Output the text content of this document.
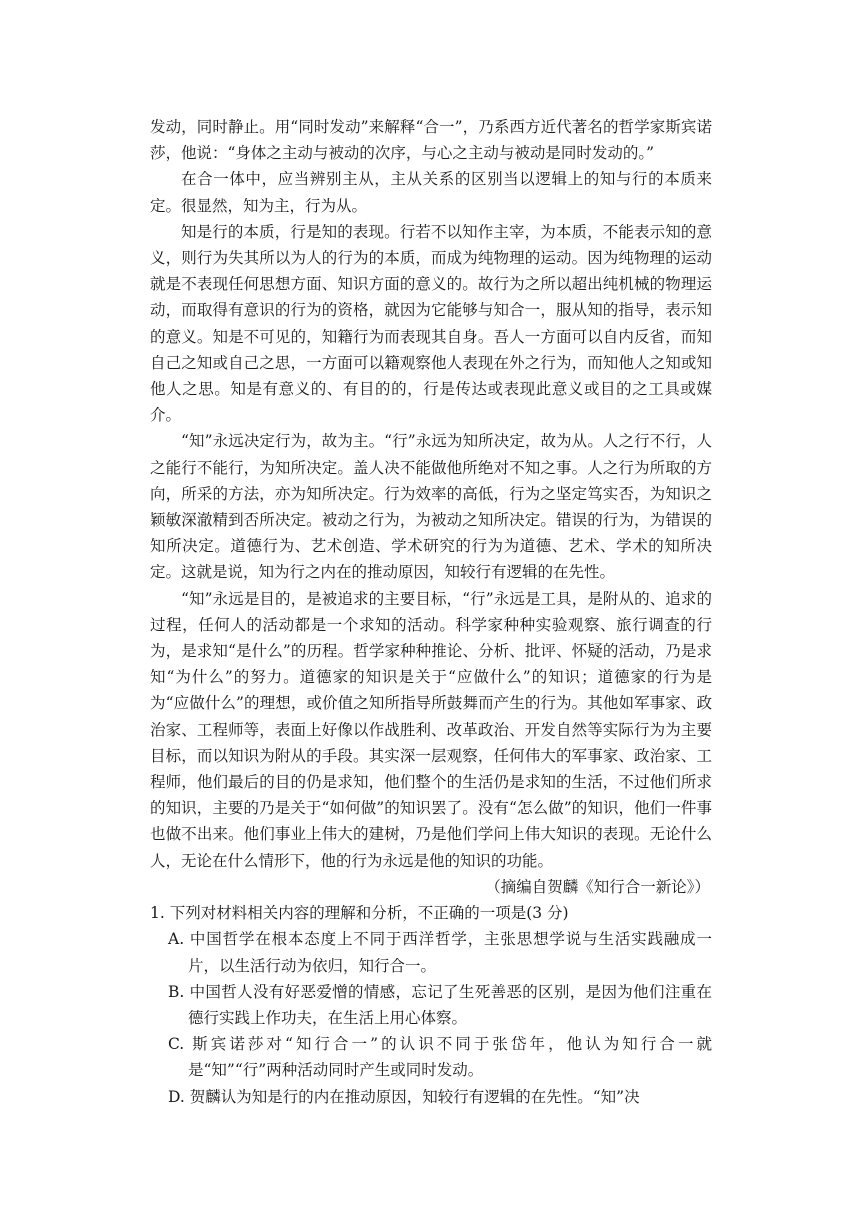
发动，同时静止。用“同时发动”来解释“合一”，乃系西方近代著名的哲学家斯宾诺莎，他说：“身体之主动与被动的次序，与心之主动与被动是同时发动的。”

在合一体中，应当辨别主从，主从关系的区别当以逻辑上的知与行的本质来定。很显然，知为主，行为从。

知是行的本质，行是知的表现。行若不以知作主宰，为本质，不能表示知的意义，则行为失其所以为人的行为的本质，而成为纯物理的运动。因为纯物理的运动就是不表现任何思想方面、知识方面的意义的。故行为之所以超出纯机械的物理运动，而取得有意识的行为的资格，就因为它能够与知合一，服从知的指导，表示知的意义。知是不可见的，知籍行为而表现其自身。吾人一方面可以自内反省，而知自己之知或自己之思，一方面可以籍观察他人表现在外之行为，而知他人之知或知他人之思。知是有意义的、有目的的，行是传达或表现此意义或目的之工具或媒介。

“知”永远决定行为，故为主。“行”永远为知所决定，故为从。人之行不行，人之能行不能行，为知所决定。盖人决不能做他所绝对不知之事。人之行为所取的方向，所采的方法，亦为知所决定。行为效率的高低，行为之坚定笃实否，为知识之颖敏深澈精到否所决定。被动之行为，为被动之知所决定。错误的行为，为错误的知所决定。道德行为、艺术创造、学术研究的行为为道德、艺术、学术的知所决定。这就是说，知为行之内在的推动原因，知较行有逻辑的在先性。

“知”永远是目的，是被追求的主要目标，“行”永远是工具，是附从的、追求的过程，任何人的活动都是一个求知的活动。科学家种种实验观察、旅行调查的行为，是求知“是什么”的历程。哲学家种种推论、分析、批评、怀疑的活动，乃是求知“为什么”的努力。道德家的知识是关于“应做什么”的知识；道德家的行为是为“应做什么”的理想，或价值之知所指导所鼓舞而产生的行为。其他如军事家、政治家、工程师等，表面上好像以作战胜利、改革政治、开发自然等实际行为为主要目标，而以知识为附从的手段。其实深一层观察，任何伟大的军事家、政治家、工程师，他们最后的目的仍是求知，他们整个的生活仍是求知的生活，不过他们所求的知识，主要的乃是关于“如何做”的知识罢了。没有“怎么做”的知识，他们一件事也做不出来。他们事业上伟大的建树，乃是他们学问上伟大知识的表现。无论什么人，无论在什么情形下，他的行为永远是他的知识的功能。

（摘编自贺麟《知行合一新论》）

1. 下列对材料相关内容的理解和分析，不正确的一项是(3 分)

A. 中国哲学在根本态度上不同于西洋哲学，主张思想学说与生活实践融成一片，以生活行动为依归，知行合一。
B. 中国哲人没有好恶爱憎的情感，忘记了生死善恶的区别，是因为他们注重在德行实践上作功夫，在生活上用心体察。
C. 斯宾诺莎对“知行合一”的认识不同于张岱年，他认为知行合一就是“知”“行”两种活动同时产生或同时发动。
D. 贺麟认为知是行的内在推动原因，知较行有逻辑的在先性。“知”决
